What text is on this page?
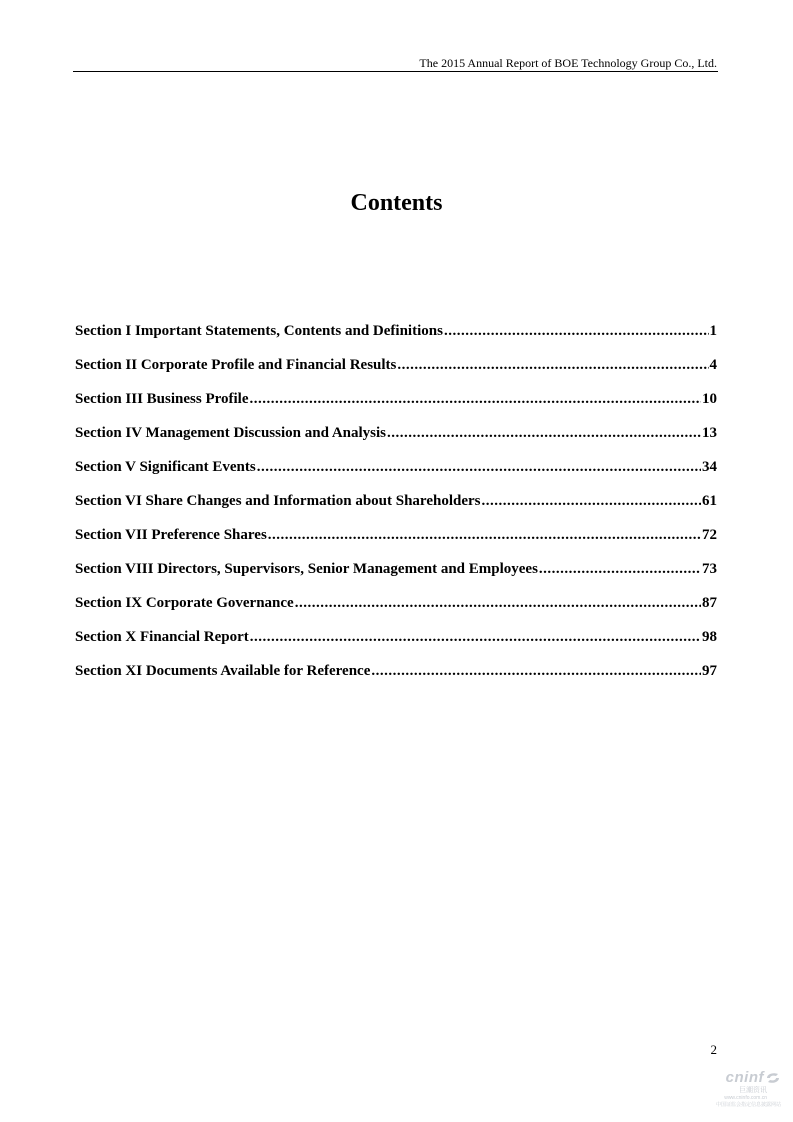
The 2015 Annual Report of BOE Technology Group Co., Ltd.
Contents
Section I Important Statements, Contents and Definitions .....	1
Section II Corporate Profile and Financial Results .....	4
Section III Business Profile .....	10
Section IV Management Discussion and Analysis .....	13
Section V Significant Events .....	34
Section VI Share Changes and Information about Shareholders .....	61
Section VII Preference Shares .....	72
Section VIII Directors, Supervisors, Senior Management and Employees .....	73
Section IX Corporate Governance .....	87
Section X Financial Report .....	98
Section XI Documents Available for Reference .....	97
2
cninf
巨潮资讯
www.cninfo.com.cn
中国证监会指定信息披露网站
